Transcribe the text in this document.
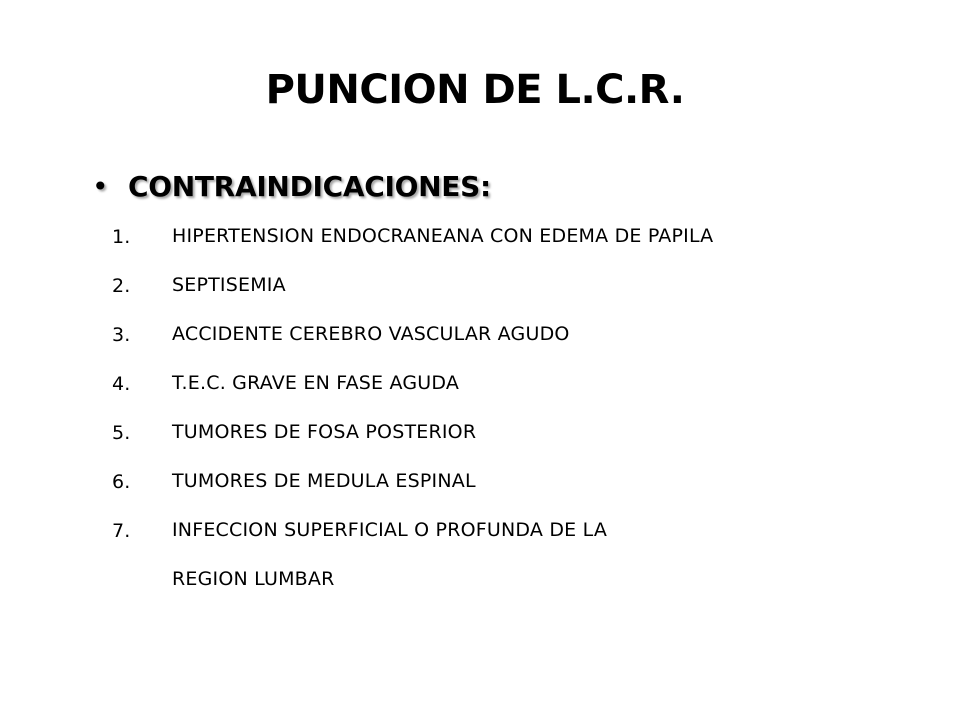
PUNCION DE L.C.R.
• CONTRAINDICACIONES:
1.	HIPERTENSION ENDOCRANEANA CON EDEMA DE PAPILA
2.	SEPTISEMIA
3.	ACCIDENTE CEREBRO VASCULAR AGUDO
4.	T.E.C. GRAVE EN FASE AGUDA
5.	TUMORES DE FOSA POSTERIOR
6.	TUMORES DE MEDULA ESPINAL
7.	INFECCION SUPERFICIAL O PROFUNDA DE LA
REGION LUMBAR
